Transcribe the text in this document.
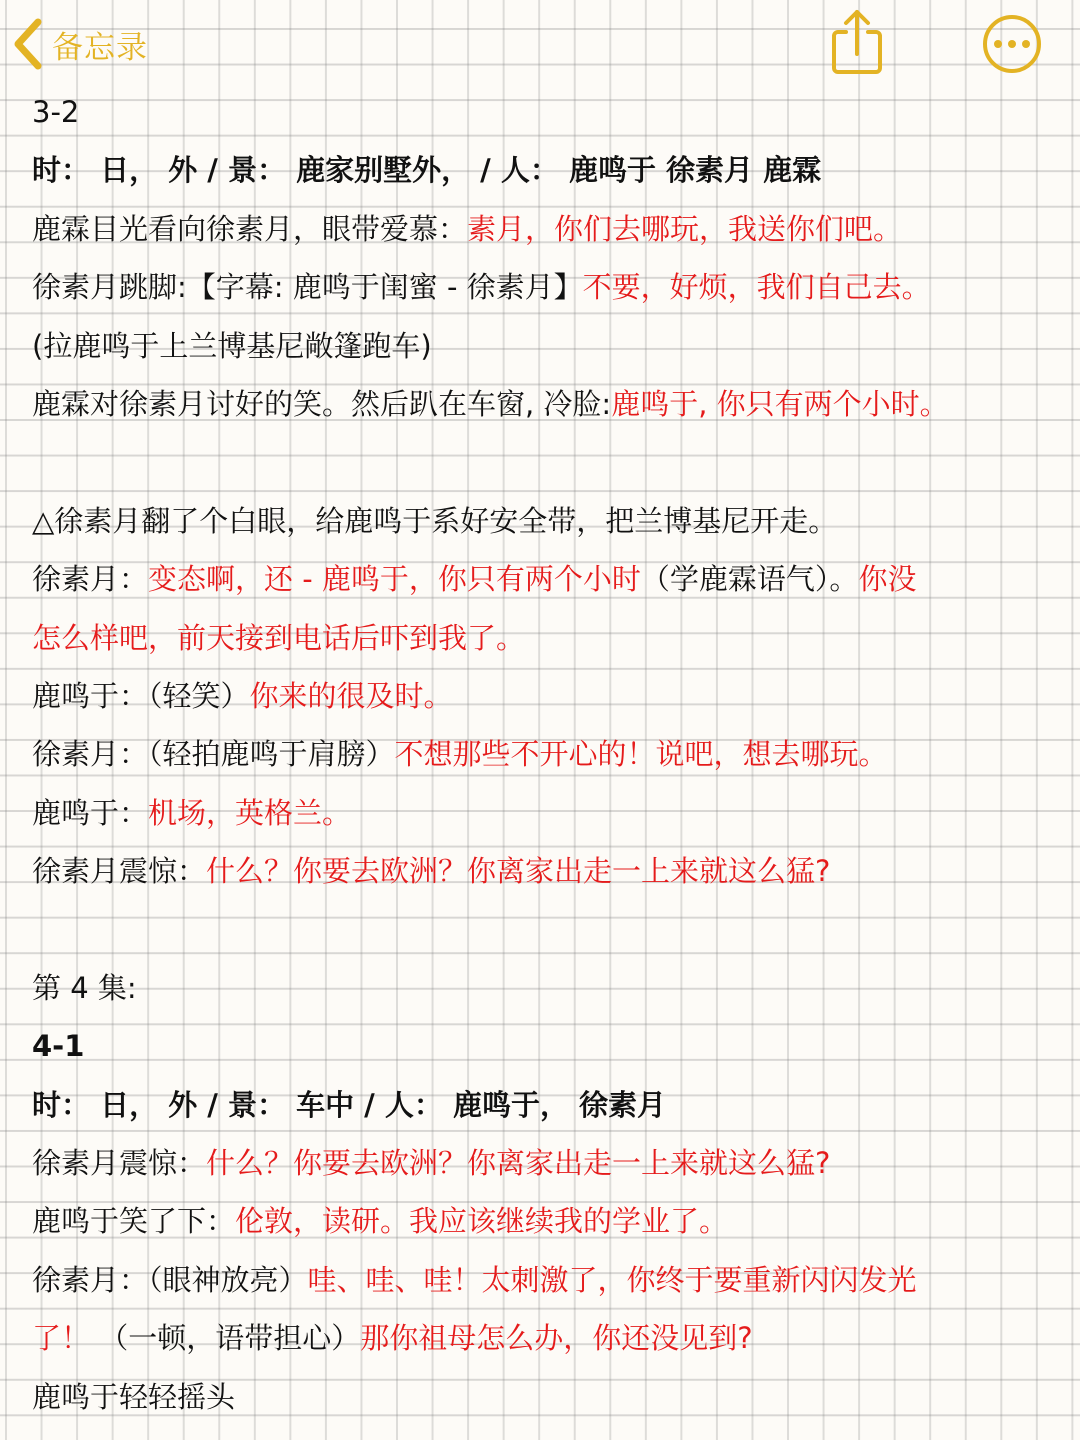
备忘录
3-2
时： 日， 外 / 景： 鹿家别墅外， / 人： 鹿鸣于 徐素月 鹿霖
鹿霖目光看向徐素月，眼带爱慕：素月，你们去哪玩，我送你们吧。
徐素月跳脚:【字幕: 鹿鸣于闺蜜 - 徐素月】不要，好烦，我们自己去。
(拉鹿鸣于上兰博基尼敞篷跑车)
鹿霖对徐素月讨好的笑。然后趴在车窗, 冷脸:鹿鸣于, 你只有两个小时。
△徐素月翻了个白眼，给鹿鸣于系好安全带，把兰博基尼开走。
徐素月：变态啊，还 - 鹿鸣于，你只有两个小时（学鹿霖语气）。你没
怎么样吧，前天接到电话后吓到我了。
鹿鸣于：（轻笑）你来的很及时。
徐素月：（轻拍鹿鸣于肩膀）不想那些不开心的！说吧，想去哪玩。
鹿鸣于：机场，英格兰。
徐素月震惊：什么？你要去欧洲？你离家出走一上来就这么猛?
第 4 集:
4-1
时： 日， 外 / 景： 车中 / 人： 鹿鸣于， 徐素月
徐素月震惊：什么？你要去欧洲？你离家出走一上来就这么猛?
鹿鸣于笑了下：伦敦，读研。我应该继续我的学业了。
徐素月：（眼神放亮）哇、哇、哇！太刺激了，你终于要重新闪闪发光
了！ （一顿，语带担心）那你祖母怎么办，你还没见到?
鹿鸣于轻轻摇头
